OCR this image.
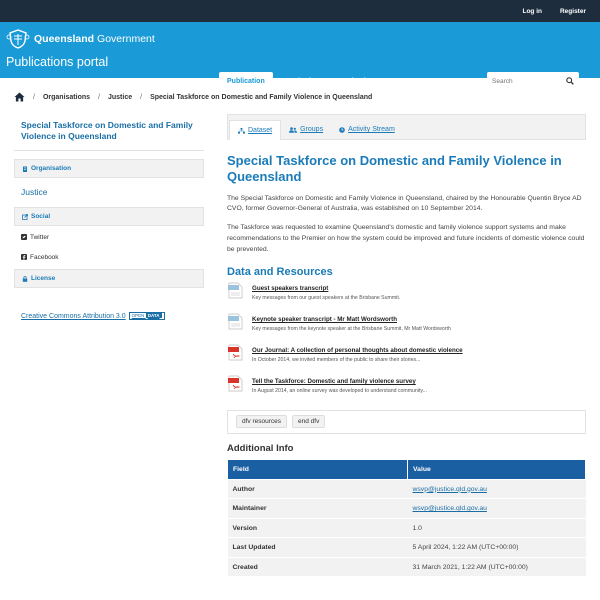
Log in	Register
Queensland Government
Publications portal
Publication	Standards	Organisations	Gazettes	Contact
Search
/ Organisations / Justice / Special Taskforce on Domestic and Family Violence in Queensland
Special Taskforce on Domestic and Family Violence in Queensland
Organisation
Justice
Social
Twitter
Facebook
License
Creative Commons Attribution 3.0	OPEN DATA
Dataset	Groups	Activity Stream
Special Taskforce on Domestic and Family Violence in Queensland

The Special Taskforce on Domestic and Family Violence in Queensland, chaired by the Honourable Quentin Bryce AD CVO, former Governor-General of Australia, was established on 10 September 2014.

The Taskforce was requested to examine Queensland's domestic and family violence support systems and make recommendations to the Premier on how the system could be improved and future incidents of domestic violence could be prevented.

Data and Resources
Guest speakers transcript
Key messages from our guest speakers at the Brisbane Summit.
Keynote speaker transcript - Mr Matt Wordsworth
Key messages from the keynote speaker at the Brisbane Summit, Mr Matt Wordsworth
Our Journal: A collection of personal thoughts about domestic violence
In October 2014, we invited members of the public to share their stories...
Tell the Taskforce: Domestic and family violence survey
In August 2014, an online survey was developed to understand community...
dfv resources	end dfv
Additional Info
Field	Value
Author	wsvp@justice.qld.gov.au
Maintainer	wsvp@justice.qld.gov.au
Version	1.0
Last Updated	5 April 2024, 1:22 AM (UTC+00:00)
Created	31 March 2021, 1:22 AM (UTC+00:00)
